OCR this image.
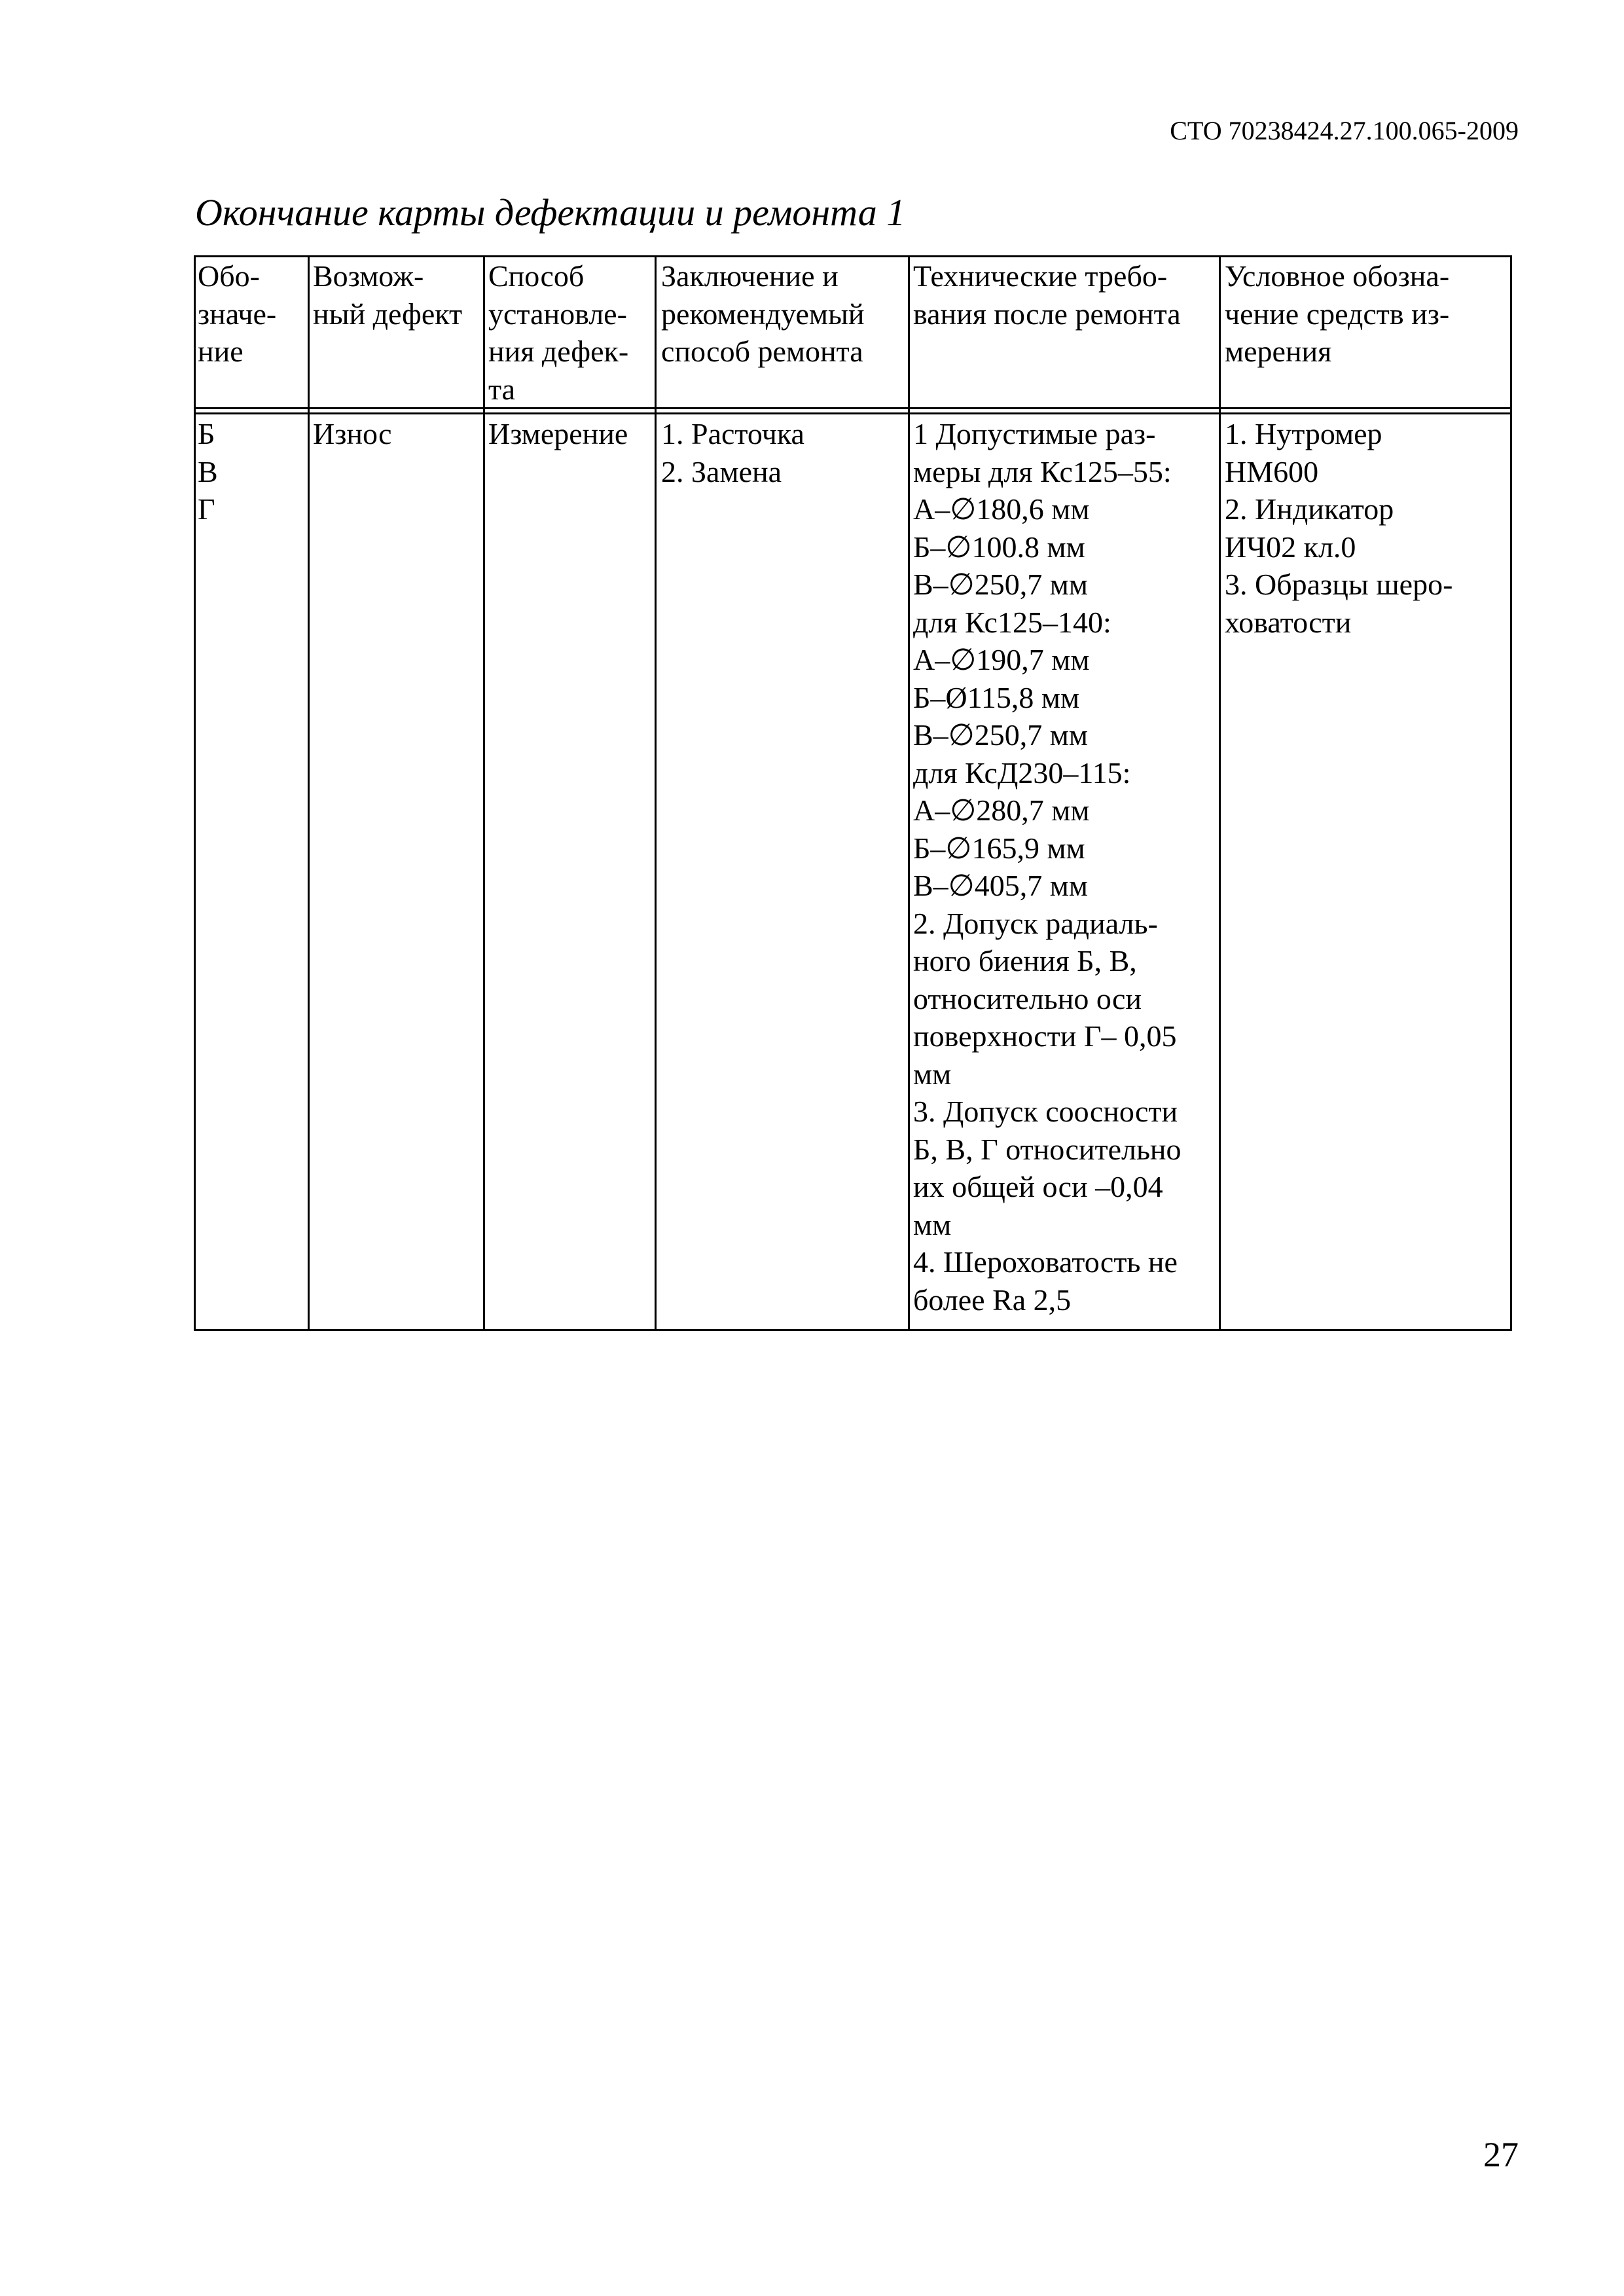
СТО 70238424.27.100.065-2009
Окончание карты дефектации и ремонта 1
Обо-
значе-
ние
Возмож-
ный дефект
Способ
установле-
ния дефек-
та
Заключение и
рекомендуемый
способ ремонта
Технические требо-
вания после ремонта
Условное обозна-
чение средств из-
мерения
Б
В
Г
Износ	Измерение	1. Расточка
2. Замена
1 Допустимые раз-
меры для Кс125–55:
А–∅180,6 мм
Б–∅100.8 мм
В–∅250,7 мм
для Кс125–140:
А–∅190,7 мм
Б–Ø115,8 мм
В–∅250,7 мм
для КсД230–115:
А–∅280,7 мм
Б–∅165,9 мм
В–∅405,7 мм
2. Допуск радиаль-
ного биения Б, В,
относительно оси
поверхности Г– 0,05
мм
3. Допуск соосности
Б, В, Г относительно
их общей оси –0,04
мм
4. Шероховатость не
более Ra 2,5
1. Нутромер
НМ600
2. Индикатор
ИЧ02 кл.0
3. Образцы шеро-
ховатости
27
